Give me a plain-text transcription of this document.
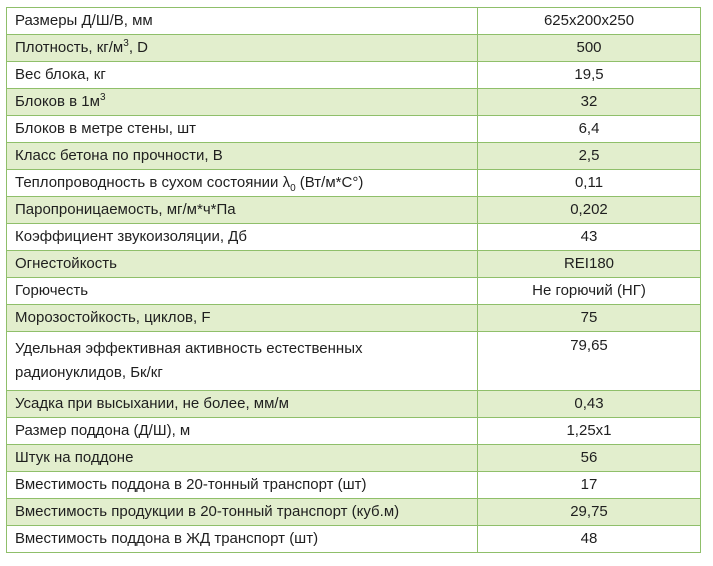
Размеры Д/Ш/В, мм	625х200х250
Плотность, $кг/м^3$, D	500
Вес блока, кг	19,5
Блоков в $1м^3$	32
Блоков в метре стены, шт	6,4
Класс бетона по прочности, В	2,5
Теплопроводность в сухом состоянии $\lambda_0$ (Вт/м*С°)	0,11
Паропроницаемость, мг/м*ч*Па	0,202
Коэффициент звукоизоляции, Дб	43
Огнестойкость	REI180
Горючесть	Не горючий (НГ)
Морозостойкость, циклов, F	75
Удельная эффективная активность естественных радионуклидов, Бк/кг	79,65
Усадка при высыхании, не более, мм/м	0,43
Размер поддона (Д/Ш), м	1,25х1
Штук на поддоне	56
Вместимость поддона в 20-тонный транспорт (шт)	17
Вместимость продукции в 20-тонный транспорт (куб.м)	29,75
Вместимость поддона в ЖД транспорт (шт)	48
